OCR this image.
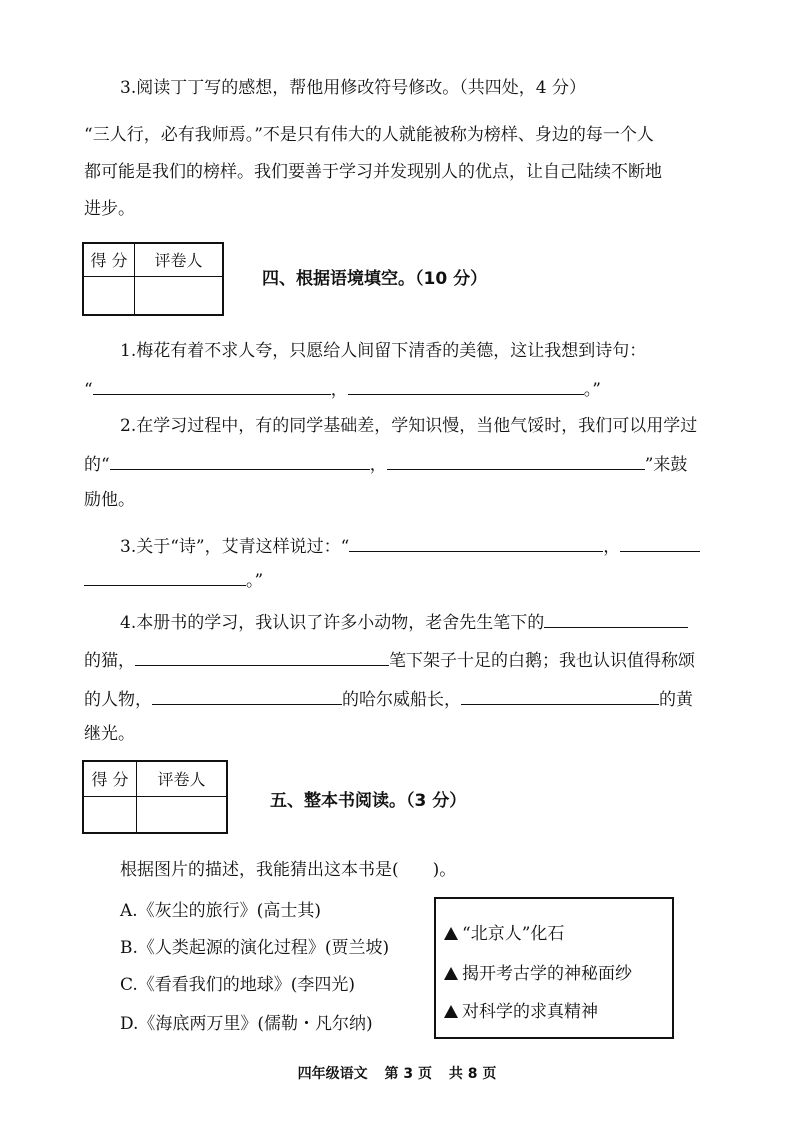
3.阅读丁丁写的感想，帮他用修改符号修改。（共四处，4 分）
“三人行，必有我师焉。”不是只有伟大的人就能被称为榜样、身边的每一个人
都可能是我们的榜样。我们要善于学习并发现别人的优点，让自己陆续不断地
进步。
得 分	评卷人

四、根据语境填空。（10 分）
1.梅花有着不求人夸，只愿给人间留下清香的美德，这让我想到诗句：
“	，	。”
2.在学习过程中，有的同学基础差，学知识慢，当他气馁时，我们可以用学过
的“	，	”来鼓
励他。
3.关于“诗”，艾青这样说过：“	，
。”
4.本册书的学习，我认识了许多小动物，老舍先生笔下的
的猫，	笔下架子十足的白鹅；我也认识值得称颂
的人物，	的哈尔威船长，	的黄
继光。
得 分	评卷人

五、整本书阅读。（3 分）
根据图片的描述，我能猜出这本书是(　　)。
A.《灰尘的旅行》(高士其)
B.《人类起源的演化过程》(贾兰坡)
C.《看看我们的地球》(李四光)
D.《海底两万里》(儒勒・凡尔纳)
“北京人”化石
揭开考古学的神秘面纱
对科学的求真精神
四年级语文 第 3 页 共 8 页
